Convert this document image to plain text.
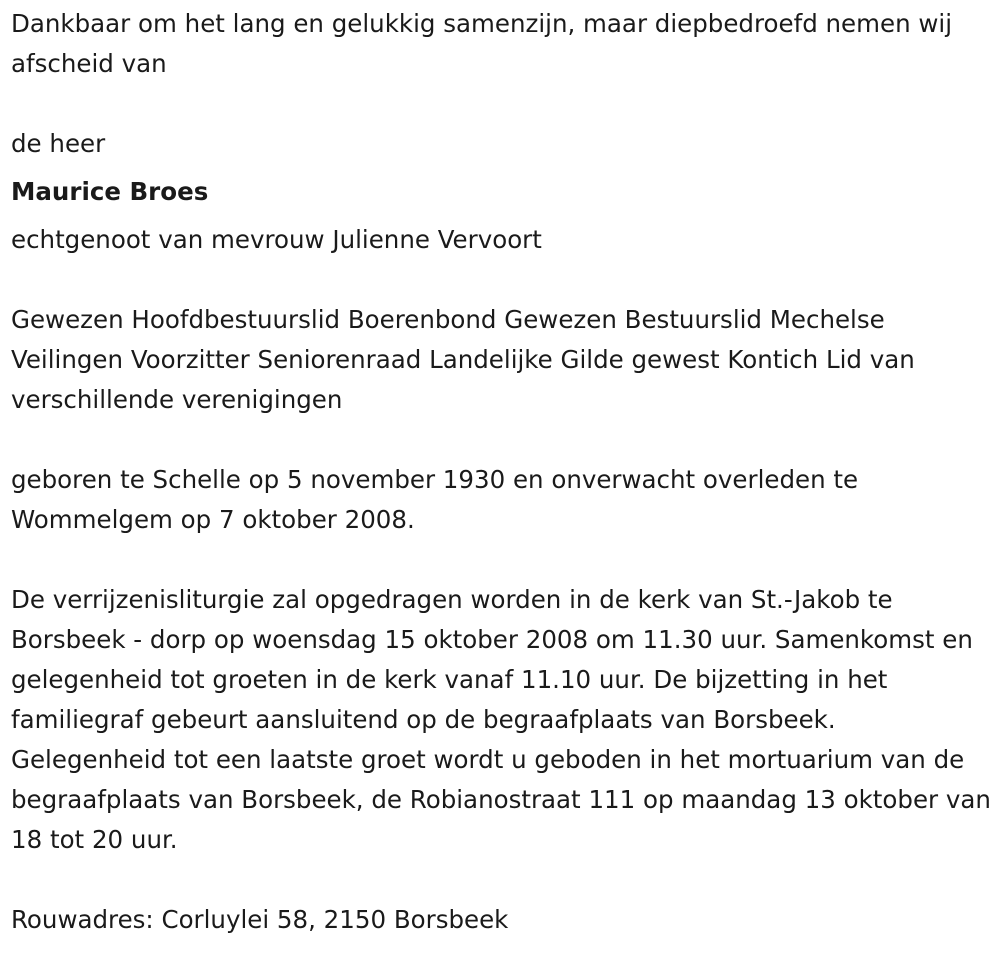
Dankbaar om het lang en gelukkig samenzijn, maar diepbedroefd nemen wij afscheid van

de heer

Maurice Broes

echtgenoot van mevrouw Julienne Vervoort

Gewezen Hoofdbestuurslid Boerenbond Gewezen Bestuurslid Mechelse Veilingen Voorzitter Seniorenraad Landelijke Gilde gewest Kontich Lid van verschillende verenigingen

geboren te Schelle op 5 november 1930 en onverwacht overleden te Wommelgem op 7 oktober 2008.

De verrijzenisliturgie zal opgedragen worden in de kerk van St.-Jakob te Borsbeek - dorp op woensdag 15 oktober 2008 om 11.30 uur. Samenkomst en gelegenheid tot groeten in de kerk vanaf 11.10 uur. De bijzetting in het familiegraf gebeurt aansluitend op de begraafplaats van Borsbeek. Gelegenheid tot een laatste groet wordt u geboden in het mortuarium van de begraafplaats van Borsbeek, de Robianostraat 111 op maandag 13 oktober van 18 tot 20 uur.

Rouwadres: Corluylei 58, 2150 Borsbeek
